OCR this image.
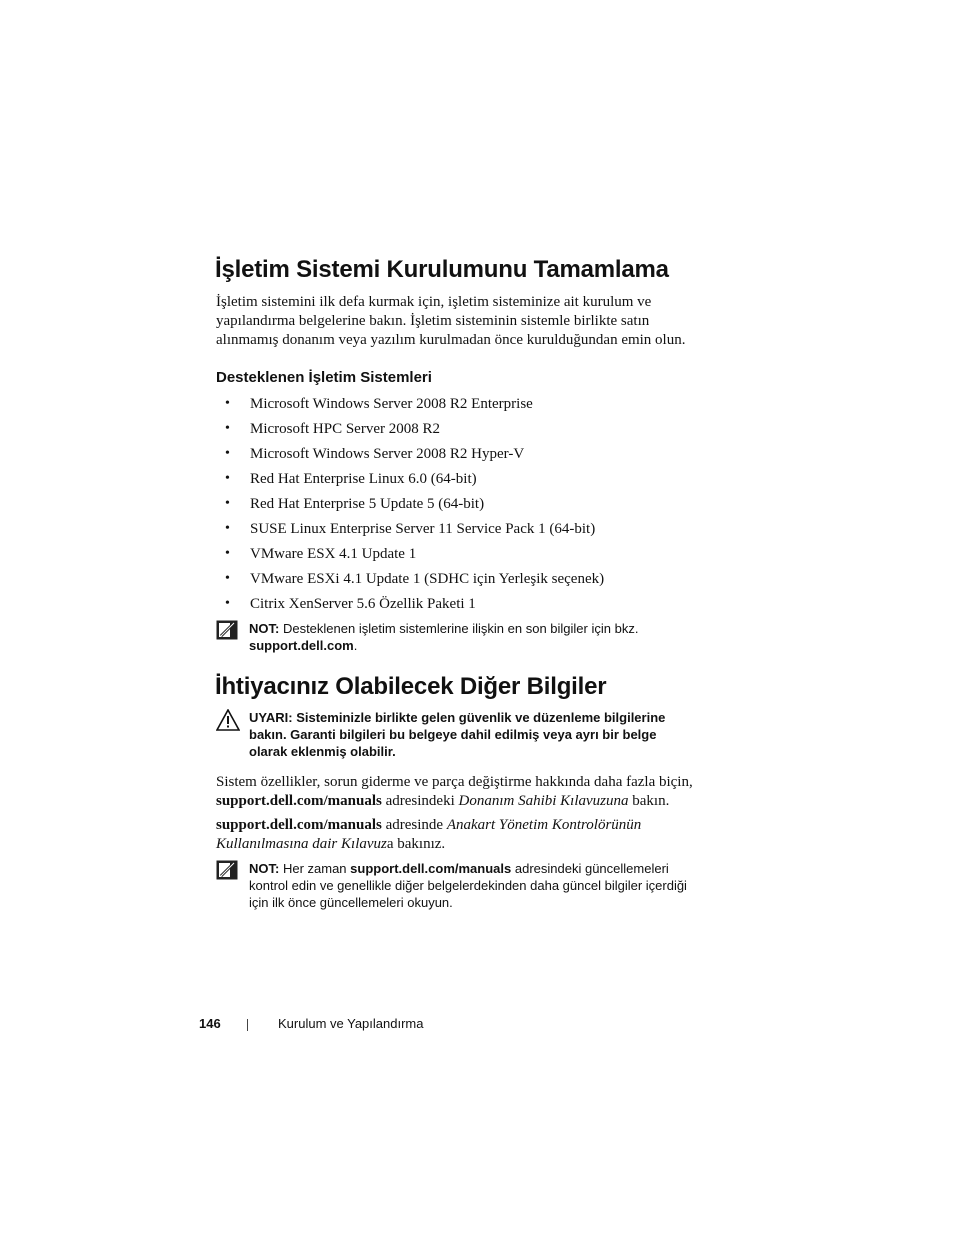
İşletim Sistemi Kurulumunu Tamamlama

İşletim sistemini ilk defa kurmak için, işletim sisteminize ait kurulum ve
yapılandırma belgelerine bakın. İşletim sisteminin sistemle birlikte satın
alınmamış donanım veya yazılım kurulmadan önce kurulduğundan emin olun.

Desteklenen İşletim Sistemleri
• Microsoft Windows Server 2008 R2 Enterprise
• Microsoft HPC Server 2008 R2
• Microsoft Windows Server 2008 R2 Hyper-V
• Red Hat Enterprise Linux 6.0 (64-bit)
• Red Hat Enterprise 5 Update 5 (64-bit)
• SUSE Linux Enterprise Server 11 Service Pack 1 (64-bit)
• VMware ESX 4.1 Update 1
• VMware ESXi 4.1 Update 1 (SDHC için Yerleşik seçenek)
• Citrix XenServer 5.6 Özellik Paketi 1
NOT: Desteklenen işletim sistemlerine ilişkin en son bilgiler için bkz.
support.dell.com.
İhtiyacınız Olabilecek Diğer Bilgiler
UYARI: Sisteminizle birlikte gelen güvenlik ve düzenleme bilgilerine
bakın. Garanti bilgileri bu belgeye dahil edilmiş veya ayrı bir belge
olarak eklenmiş olabilir.

Sistem özellikler, sorun giderme ve parça değiştirme hakkında daha fazla biçin,
support.dell.com/manuals adresindeki Donanım Sahibi Kılavuzuna bakın.

support.dell.com/manuals adresinde Anakart Yönetim Kontrolörünün
Kullanılmasına dair Kılavuza bakınız.

NOT: Her zaman support.dell.com/manuals adresindeki güncellemeleri
kontrol edin ve genellikle diğer belgelerdekinden daha güncel bilgiler içerdiği
için ilk önce güncellemeleri okuyun.
146	Kurulum ve Yapılandırma
